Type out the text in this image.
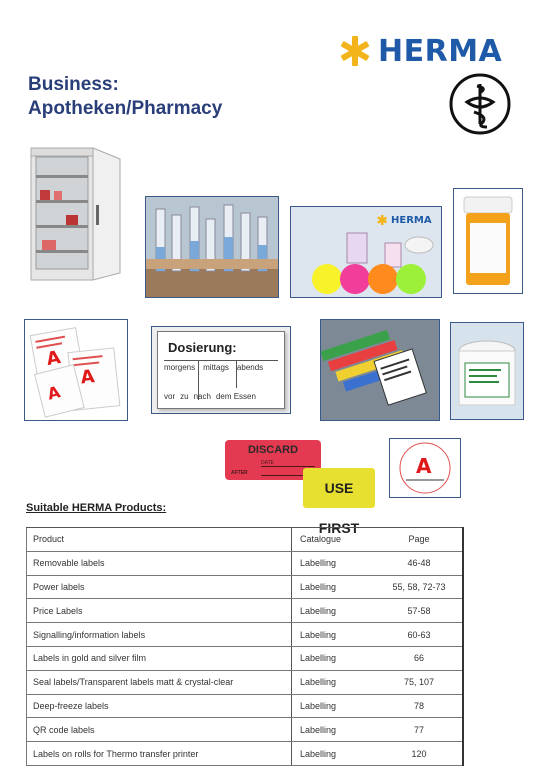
HERMA
Business:
Apotheken/Pharmacy
HERMA
A
A
A
Dosierung:
morgens mittags abends
vor zu nach dem Essen
DISCARD
DATE
AFTER
USE FIRST
A
Suitable HERMA Products:
Product	Catalogue	Page
Removable labels	Labelling	46-48
Power labels	Labelling	55, 58, 72-73
Price Labels	Labelling	57-58
Signalling/information labels	Labelling	60-63
Labels in gold and silver film	Labelling	66
Seal labels/Transparent labels matt & crystal-clear	Labelling	75, 107
Deep-freeze labels	Labelling	78
QR code labels	Labelling	77
Labels on rolls for Thermo transfer printer	Labelling	120
